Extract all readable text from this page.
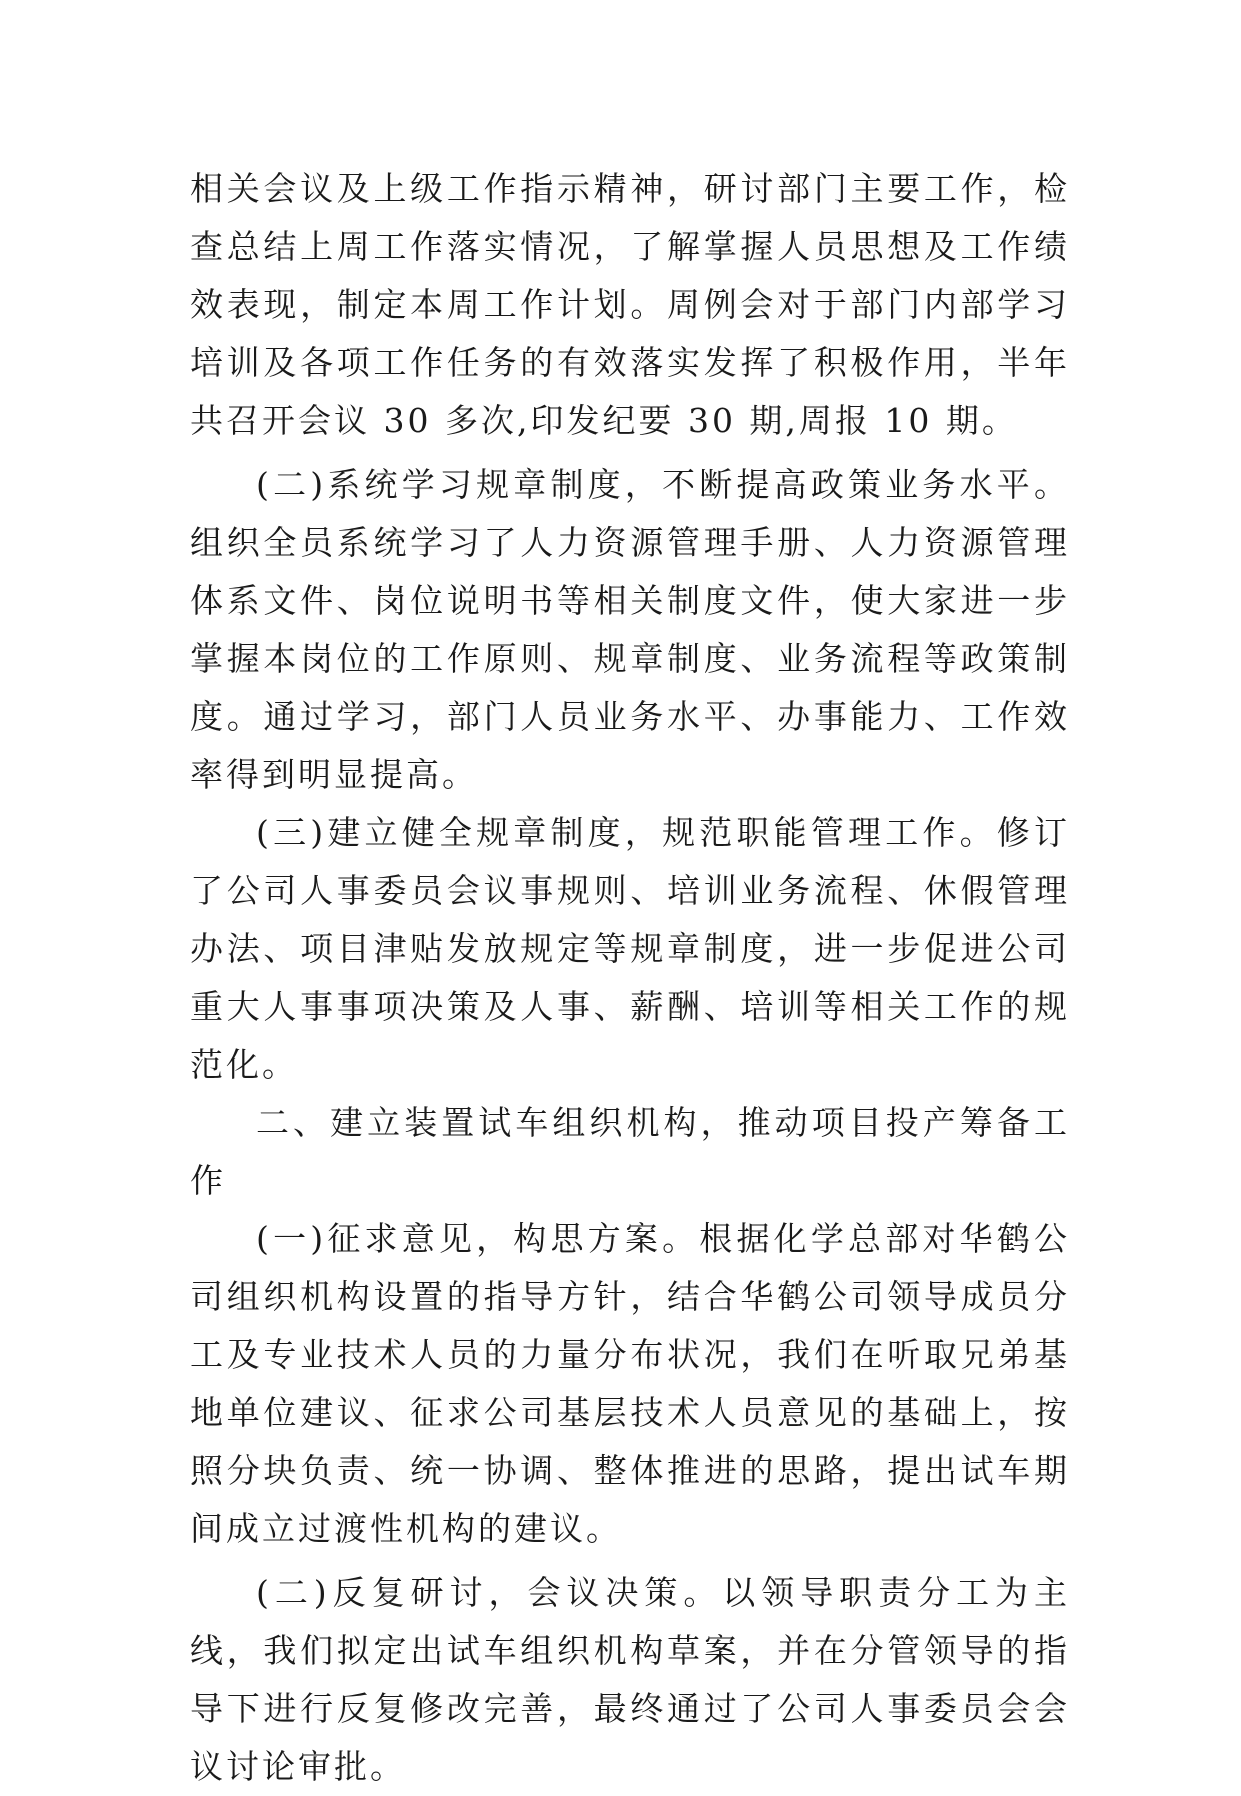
相关会议及上级工作指示精神，研讨部门主要工作，检查总结上周工作落实情况，了解掌握人员思想及工作绩效表现，制定本周工作计划。周例会对于部门内部学习培训及各项工作任务的有效落实发挥了积极作用，半年共召开会议 30 多次,印发纪要 30 期,周报 10 期。

(二)系统学习规章制度，不断提高政策业务水平。组织全员系统学习了人力资源管理手册、人力资源管理体系文件、岗位说明书等相关制度文件，使大家进一步掌握本岗位的工作原则、规章制度、业务流程等政策制度。通过学习，部门人员业务水平、办事能力、工作效率得到明显提高。

(三)建立健全规章制度，规范职能管理工作。修订了公司人事委员会议事规则、培训业务流程、休假管理办法、项目津贴发放规定等规章制度，进一步促进公司重大人事事项决策及人事、薪酬、培训等相关工作的规范化。

二、建立装置试车组织机构，推动项目投产筹备工作

(一)征求意见，构思方案。根据化学总部对华鹤公司组织机构设置的指导方针，结合华鹤公司领导成员分工及专业技术人员的力量分布状况，我们在听取兄弟基地单位建议、征求公司基层技术人员意见的基础上，按照分块负责、统一协调、整体推进的思路，提出试车期间成立过渡性机构的建议。

(二)反复研讨，会议决策。以领导职责分工为主线，我们拟定出试车组织机构草案，并在分管领导的指导下进行反复修改完善，最终通过了公司人事委员会会议讨论审批。
